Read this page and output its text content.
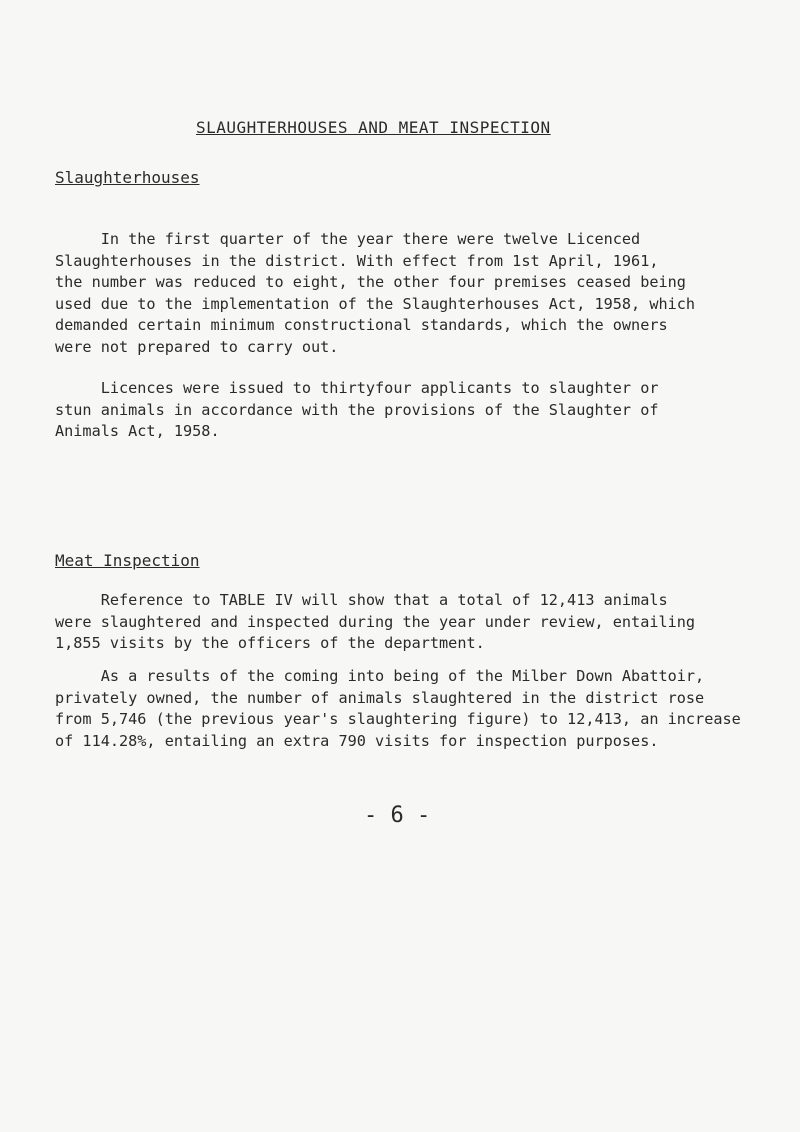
SLAUGHTERHOUSES AND MEAT INSPECTION
Slaughterhouses

In the first quarter of the year there were twelve Licenced
Slaughterhouses in the district. With effect from 1st April, 1961,
the number was reduced to eight, the other four premises ceased being
used due to the implementation of the Slaughterhouses Act, 1958, which
demanded certain minimum constructional standards, which the owners
were not prepared to carry out.

Licences were issued to thirtyfour applicants to slaughter or
stun animals in accordance with the provisions of the Slaughter of
Animals Act, 1958.

Meat Inspection

Reference to TABLE IV will show that a total of 12,413 animals
were slaughtered and inspected during the year under review, entailing
1,855 visits by the officers of the department.

As a results of the coming into being of the Milber Down Abattoir,
privately owned, the number of animals slaughtered in the district rose
from 5,746 (the previous year's slaughtering figure) to 12,413, an increase
of 114.28%, entailing an extra 790 visits for inspection purposes.

- 6 -
